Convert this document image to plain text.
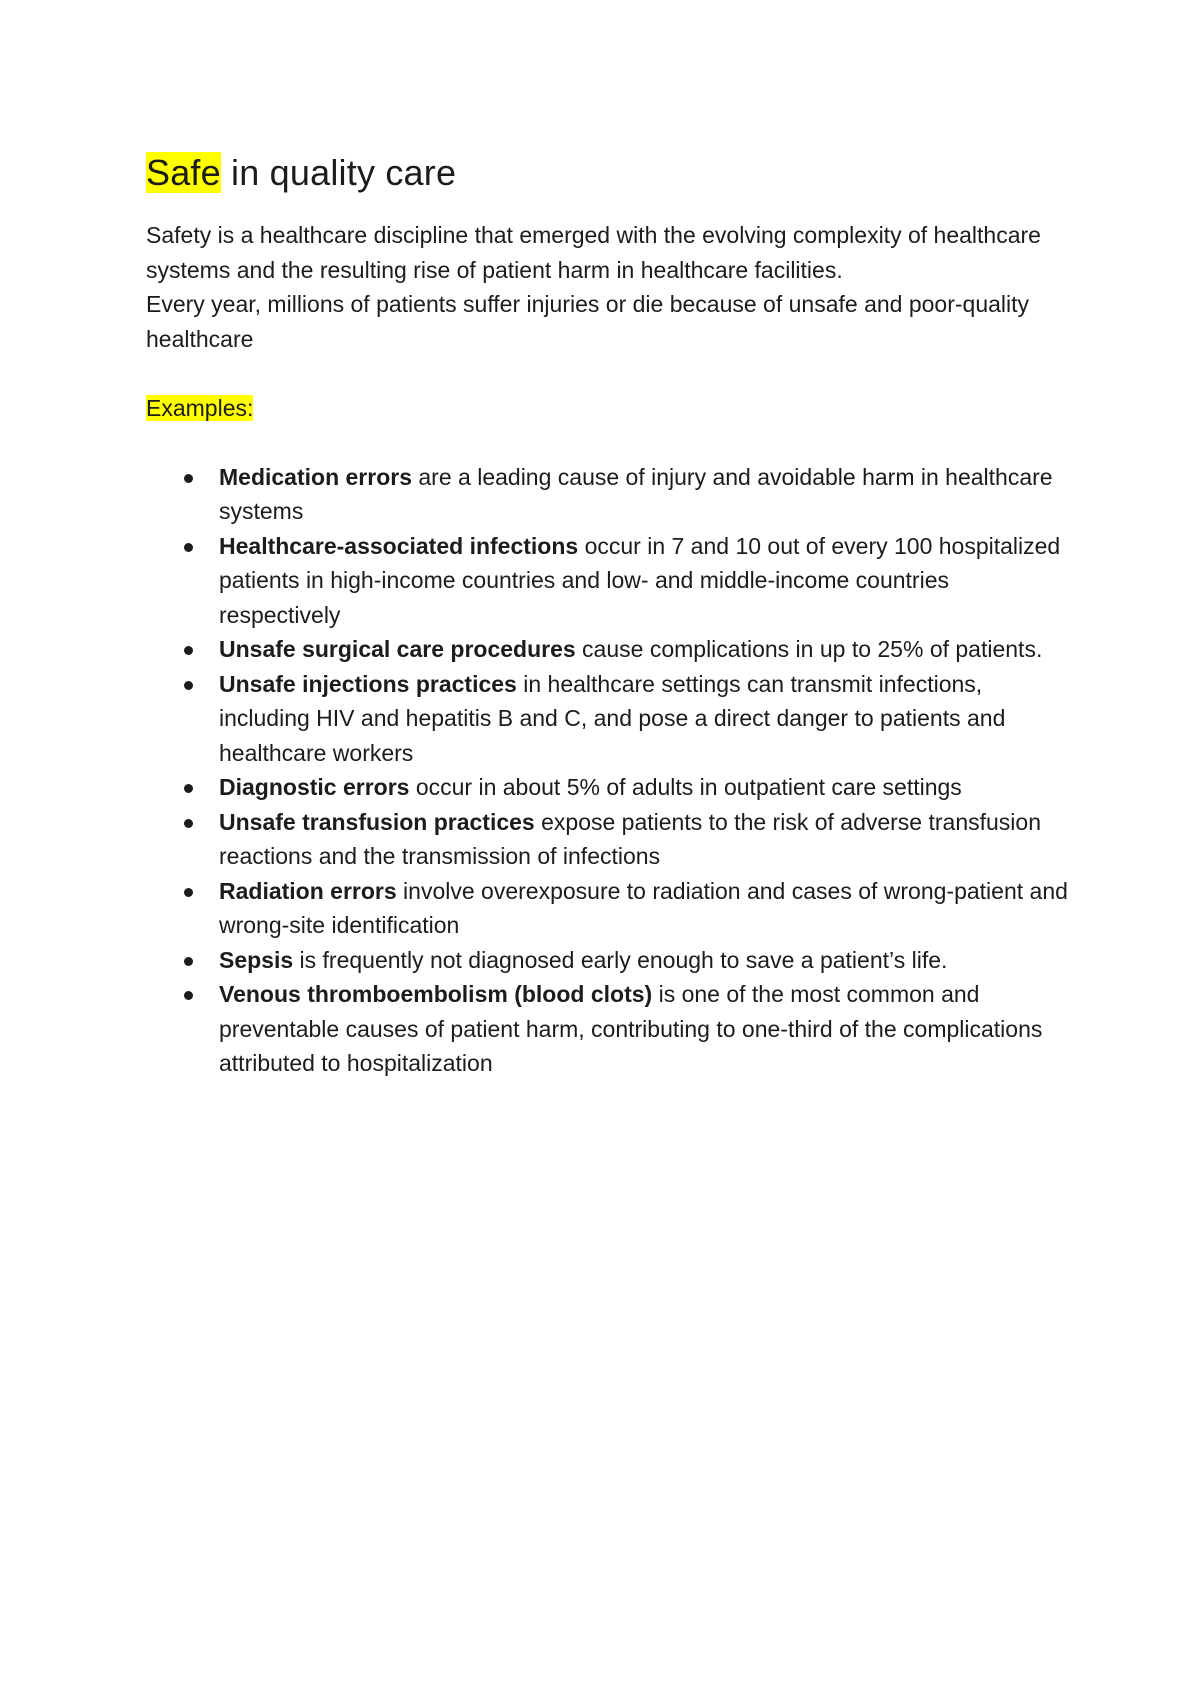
Safe in quality care

Safety is a healthcare discipline that emerged with the evolving complexity of healthcare systems and the resulting rise of patient harm in healthcare facilities.

Every year, millions of patients suffer injuries or die because of unsafe and poor-quality healthcare

Examples:

Medication errors are a leading cause of injury and avoidable harm in healthcare systems
Healthcare-associated infections occur in 7 and 10 out of every 100 hospitalized patients in high-income countries and low- and middle-income countries respectively
Unsafe surgical care procedures cause complications in up to 25% of patients.
Unsafe injections practices in healthcare settings can transmit infections, including HIV and hepatitis B and C, and pose a direct danger to patients and healthcare workers
Diagnostic errors occur in about 5% of adults in outpatient care settings
Unsafe transfusion practices expose patients to the risk of adverse transfusion reactions and the transmission of infections
Radiation errors involve overexposure to radiation and cases of wrong-patient and wrong-site identification
Sepsis is frequently not diagnosed early enough to save a patient’s life.
Venous thromboembolism (blood clots) is one of the most common and preventable causes of patient harm, contributing to one-third of the complications attributed to hospitalization
